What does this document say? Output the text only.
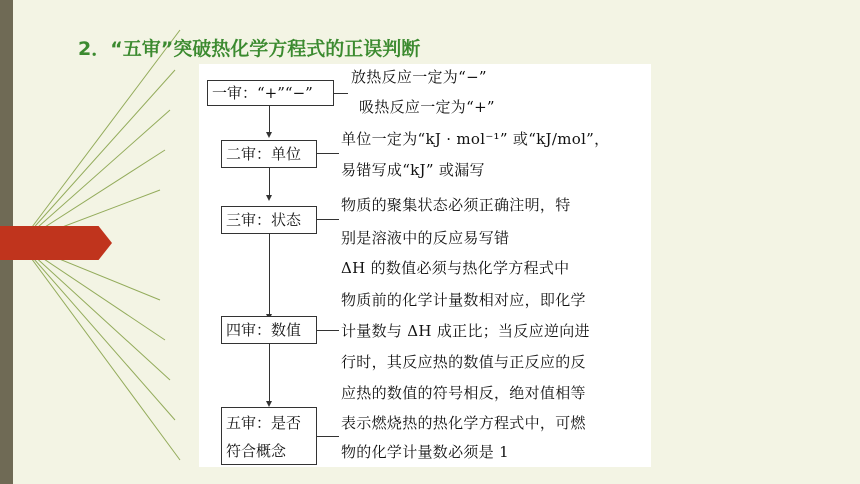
2．“五审”突破热化学方程式的正误判断
一审：“+”“−”
放热反应一定为“−”
吸热反应一定为“+”
二审：单位
单位一定为“kJ · mol⁻¹” 或“kJ/mol”，
易错写成“kJ” 或漏写
三审：状态
物质的聚集状态必须正确注明，特
别是溶液中的反应易写错
四审：数值
ΔH 的数值必须与热化学方程式中
物质前的化学计量数相对应，即化学
计量数与 ΔH 成正比；当反应逆向进
行时，其反应热的数值与正反应的反
应热的数值的符号相反，绝对值相等
五审：是否
符合概念
表示燃烧热的热化学方程式中，可燃
物的化学计量数必须是 1
